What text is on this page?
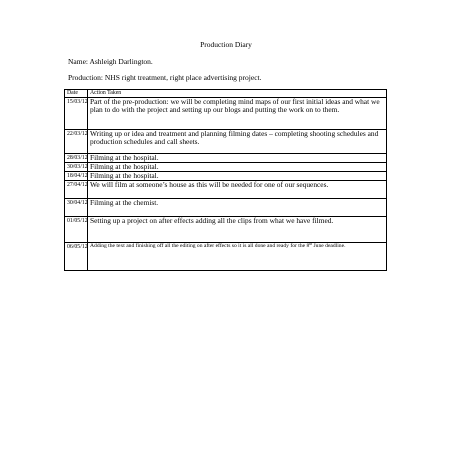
Production Diary
Name: Ashleigh Darlington.
Production: NHS right treatment, right place advertising project.
Date	Action Taken
15/03/12	Part of the pre-production: we will be completing mind maps of our first initial ideas and what we plan to do with the project and setting up our blogs and putting the work on to them.
22/03/12	Writing up or idea and treatment and planning filming dates – completing shooting schedules and production schedules and call sheets.
28/03/12	Filming at the hospital.
30/03/12	Filming at the hospital.
18/04/12	Filming at the hospital.
27/04/12	We will film at someone’s house as this will be needed for one of our sequences.
30/04/12	Filming at the chemist.
01/05/12	Setting up a project on after effects adding all the clips from what we have filmed.
06/05/12	Adding the text and finishing off all the editing on after effects so it is all done and ready for the 8th June deadline.
